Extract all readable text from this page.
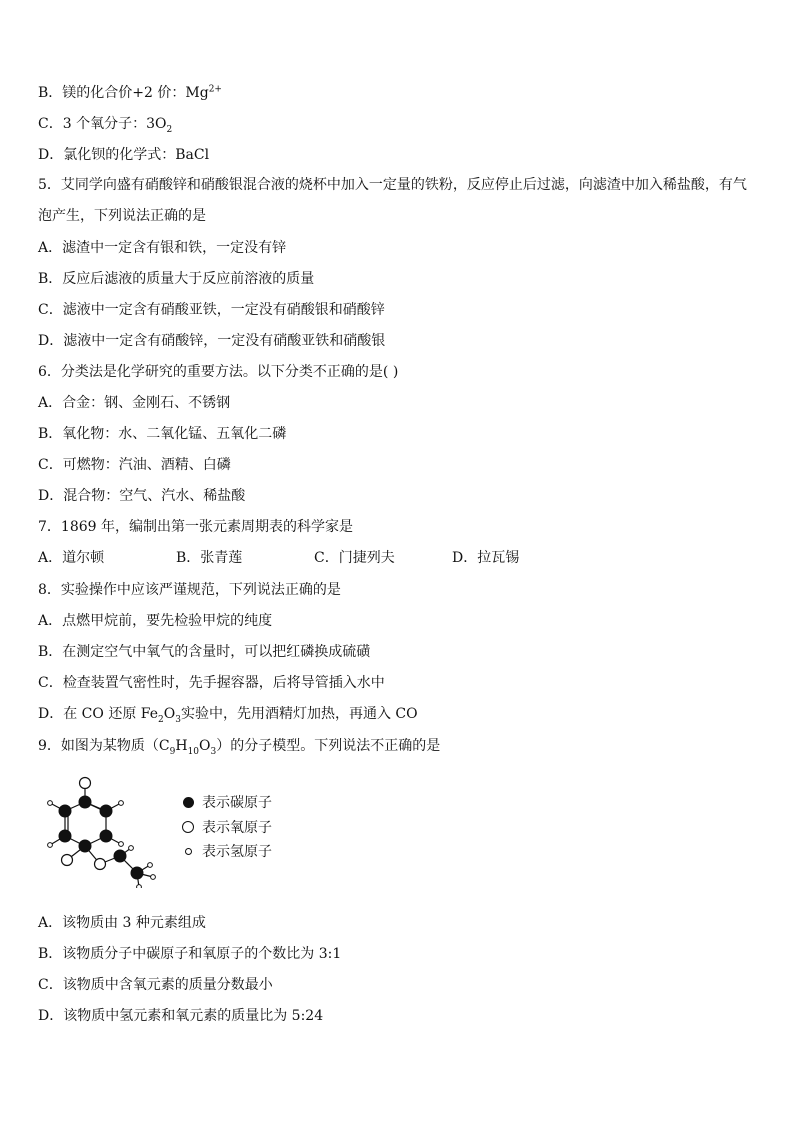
B．镁的化合价+2 价：$Mg^{2+}$
C．3 个氧分子：$3O_2$
D．氯化钡的化学式：BaCl
5．艾同学向盛有硝酸锌和硝酸银混合液的烧杯中加入一定量的铁粉，反应停止后过滤，向滤渣中加入稀盐酸，有气泡产生，下列说法正确的是
A．滤渣中一定含有银和铁，一定没有锌
B．反应后滤液的质量大于反应前溶液的质量
C．滤液中一定含有硝酸亚铁，一定没有硝酸银和硝酸锌
D．滤液中一定含有硝酸锌，一定没有硝酸亚铁和硝酸银
6．分类法是化学研究的重要方法。以下分类不正确的是( )
A．合金：钢、金刚石、不锈钢
B．氧化物：水、二氧化锰、五氧化二磷
C．可燃物：汽油、酒精、白磷
D．混合物：空气、汽水、稀盐酸
7．1869 年，编制出第一张元素周期表的科学家是
A．道尔顿	B．张青莲	C．门捷列夫	D．拉瓦锡
8．实验操作中应该严谨规范，下列说法正确的是
A．点燃甲烷前，要先检验甲烷的纯度
B．在测定空气中氧气的含量时，可以把红磷换成硫磺
C．检查装置气密性时，先手握容器，后将导管插入水中
D．在 CO 还原 $Fe_2O_3$实验中，先用酒精灯加热，再通入 CO
9．如图为某物质$(C_9H_{10}O_3)$的分子模型。下列说法不正确的是
表示碳原子
表示氧原子
表示氢原子
A．该物质由 3 种元素组成
B．该物质分子中碳原子和氧原子的个数比为 3:1
C．该物质中含氧元素的质量分数最小
D．该物质中氢元素和氧元素的质量比为 5:24
